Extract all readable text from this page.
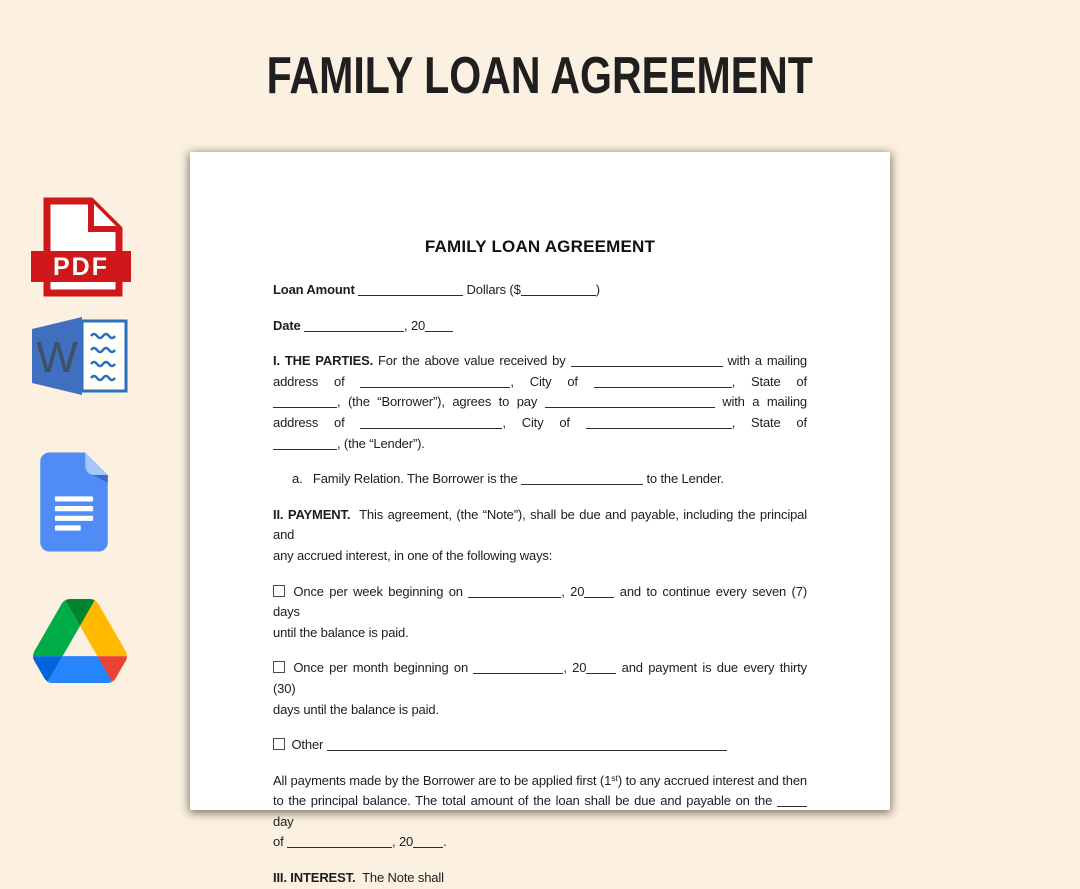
FAMILY LOAN AGREEMENT
PDF
W
FAMILY LOAN AGREEMENT
Loan Amount	Dollars ($	)
Date	, 20
I. THE PARTIES. For the above value received by	with a mailing
address of	, City of	, State of
, (the “Borrower”), agrees to pay	with a mailing
address of	, City of	, State of
, (the “Lender”).
a.   Family Relation. The Borrower is the	to the Lender.
II. PAYMENT.  This agreement, (the “Note”), shall be due and payable, including the principal and
any accrued interest, in one of the following ways:
Once per week beginning on	, 20 and to continue every seven (7) days
until the balance is paid.
Once per month beginning on	, 20 and payment is due every thirty (30)
days until the balance is paid.
Other
All payments made by the Borrower are to be applied first (1st) to any accrued interest and then
to the principal balance. The total amount of the loan shall be due and payable on the  day
of	, 20 .
III. INTEREST.  The Note shall
